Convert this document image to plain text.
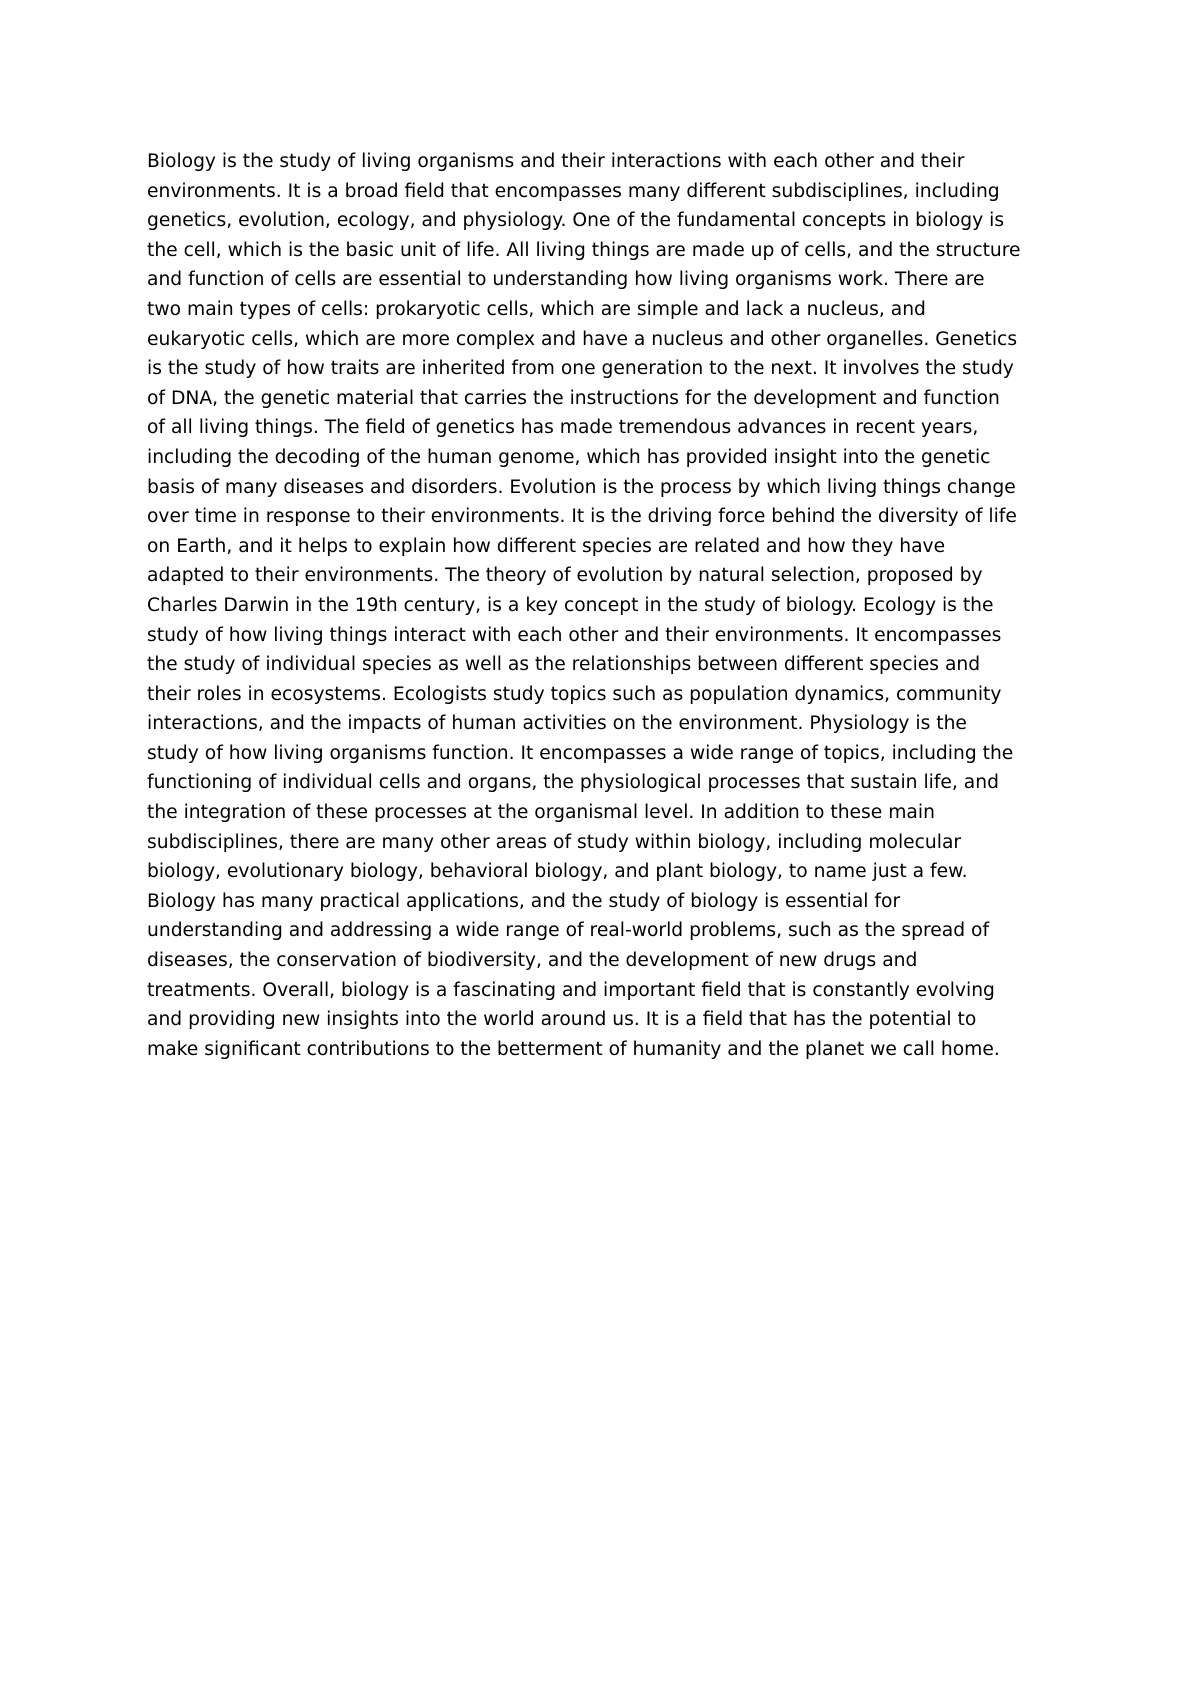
Biology is the study of living organisms and their interactions with each other and their
environments. It is a broad field that encompasses many different subdisciplines, including
genetics, evolution, ecology, and physiology. One of the fundamental concepts in biology is
the cell, which is the basic unit of life. All living things are made up of cells, and the structure
and function of cells are essential to understanding how living organisms work. There are
two main types of cells: prokaryotic cells, which are simple and lack a nucleus, and
eukaryotic cells, which are more complex and have a nucleus and other organelles. Genetics
is the study of how traits are inherited from one generation to the next. It involves the study
of DNA, the genetic material that carries the instructions for the development and function
of all living things. The field of genetics has made tremendous advances in recent years,
including the decoding of the human genome, which has provided insight into the genetic
basis of many diseases and disorders. Evolution is the process by which living things change
over time in response to their environments. It is the driving force behind the diversity of life
on Earth, and it helps to explain how different species are related and how they have
adapted to their environments. The theory of evolution by natural selection, proposed by
Charles Darwin in the 19th century, is a key concept in the study of biology. Ecology is the
study of how living things interact with each other and their environments. It encompasses
the study of individual species as well as the relationships between different species and
their roles in ecosystems. Ecologists study topics such as population dynamics, community
interactions, and the impacts of human activities on the environment. Physiology is the
study of how living organisms function. It encompasses a wide range of topics, including the
functioning of individual cells and organs, the physiological processes that sustain life, and
the integration of these processes at the organismal level. In addition to these main
subdisciplines, there are many other areas of study within biology, including molecular
biology, evolutionary biology, behavioral biology, and plant biology, to name just a few.
Biology has many practical applications, and the study of biology is essential for
understanding and addressing a wide range of real-world problems, such as the spread of
diseases, the conservation of biodiversity, and the development of new drugs and
treatments. Overall, biology is a fascinating and important field that is constantly evolving
and providing new insights into the world around us. It is a field that has the potential to
make significant contributions to the betterment of humanity and the planet we call home.
